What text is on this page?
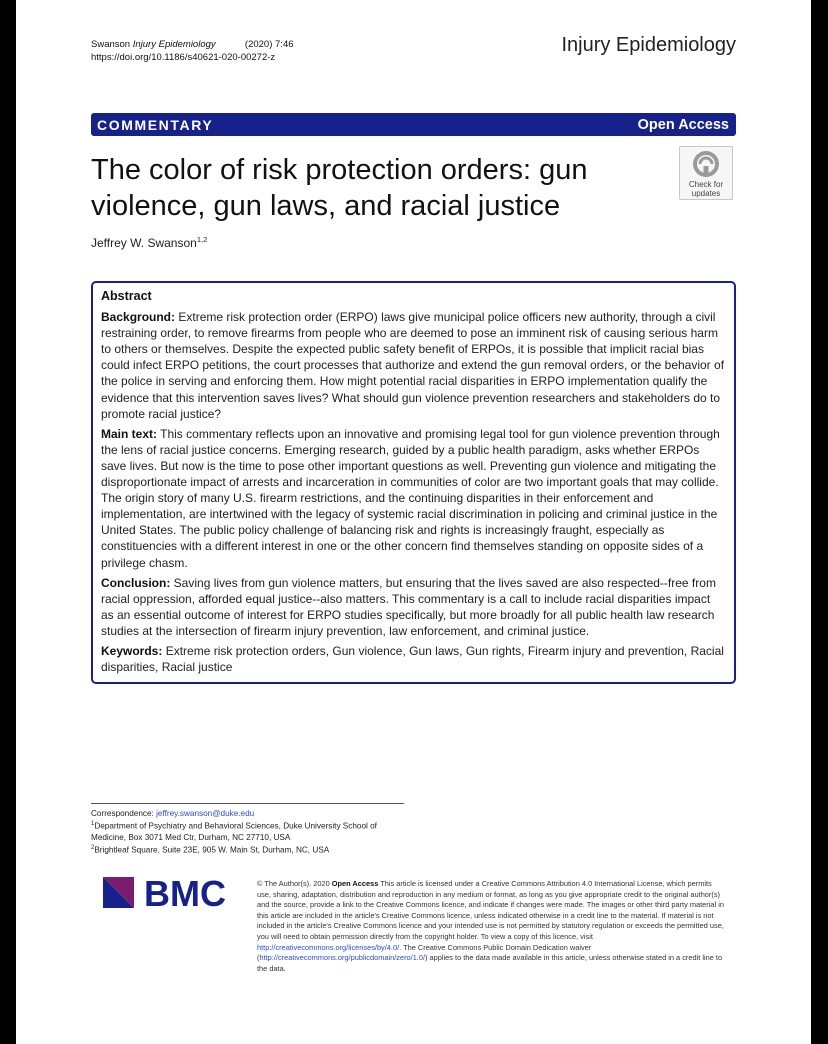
Swanson Injury Epidemiology	(2020) 7:46
https://doi.org/10.1186/s40621-020-00272-z
Injury Epidemiology
COMMENTARY	Open Access
The color of risk protection orders: gun violence, gun laws, and racial justice
Jeffrey W. Swanson$^{1,2}$
Check for
updates
Abstract

Background: Extreme risk protection order (ERPO) laws give municipal police officers new authority, through a civil restraining order, to remove firearms from people who are deemed to pose an imminent risk of causing serious harm to others or themselves. Despite the expected public safety benefit of ERPOs, it is possible that implicit racial bias could infect ERPO petitions, the court processes that authorize and extend the gun removal orders, or the behavior of the police in serving and enforcing them. How might potential racial disparities in ERPO implementation qualify the evidence that this intervention saves lives? What should gun violence prevention researchers and stakeholders do to promote racial justice?

Main text: This commentary reflects upon an innovative and promising legal tool for gun violence prevention through the lens of racial justice concerns. Emerging research, guided by a public health paradigm, asks whether ERPOs save lives. But now is the time to pose other important questions as well. Preventing gun violence and mitigating the disproportionate impact of arrests and incarceration in communities of color are two important goals that may collide. The origin story of many U.S. firearm restrictions, and the continuing disparities in their enforcement and implementation, are intertwined with the legacy of systemic racial discrimination in policing and criminal justice in the United States. The public policy challenge of balancing risk and rights is increasingly fraught, especially as constituencies with a different interest in one or the other concern find themselves standing on opposite sides of a privilege chasm.

Conclusion: Saving lives from gun violence matters, but ensuring that the lives saved are also respected--free from racial oppression, afforded equal justice--also matters. This commentary is a call to include racial disparities impact as an essential outcome of interest for ERPO studies specifically, but more broadly for all public health law research studies at the intersection of firearm injury prevention, law enforcement, and criminal justice.

Keywords: Extreme risk protection orders, Gun violence, Gun laws, Gun rights, Firearm injury and prevention, Racial disparities, Racial justice

Correspondence: jeffrey.swanson@duke.edu
$^1$Department of Psychiatry and Behavioral Sciences, Duke University School of Medicine, Box 3071 Med Ctr, Durham, NC 27710, USA
$^2$Brightleaf Square, Suite 23E, 905 W. Main St, Durham, NC, USA
BMC	© The Author(s). 2020 Open Access This article is licensed under a Creative Commons Attribution 4.0 International License, which permits use, sharing, adaptation, distribution and reproduction in any medium or format, as long as you give appropriate credit to the original author(s) and the source, provide a link to the Creative Commons licence, and indicate if changes were made. The images or other third party material in this article are included in the article's Creative Commons licence, unless indicated otherwise in a credit line to the material. If material is not included in the article's Creative Commons licence and your intended use is not permitted by statutory regulation or exceeds the permitted use, you will need to obtain permission directly from the copyright holder. To view a copy of this licence, visit http://creativecommons.org/licenses/by/4.0/. The Creative Commons Public Domain Dedication waiver (http://creativecommons.org/publicdomain/zero/1.0/) applies to the data made available in this article, unless otherwise stated in a credit line to the data.
